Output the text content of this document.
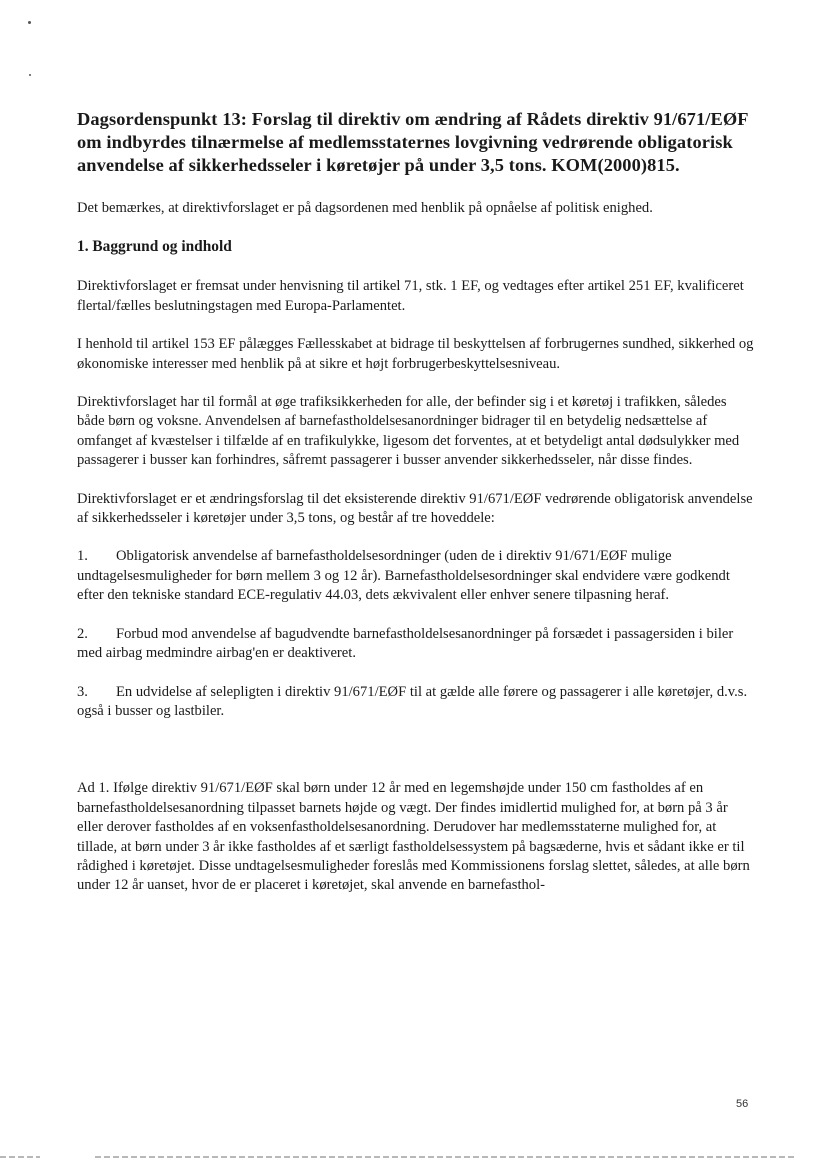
Dagsordenspunkt 13: Forslag til direktiv om ændring af Rådets direktiv 91/671/EØF om indbyrdes tilnærmelse af medlemsstaternes lovgivning vedrørende obligatorisk anvendelse af sikkerhedsseler i køretøjer på under 3,5 tons. KOM(2000)815.

Det bemærkes, at direktivforslaget er på dagsordenen med henblik på opnåelse af politisk enighed.

1. Baggrund og indhold

Direktivforslaget er fremsat under henvisning til artikel 71, stk. 1 EF, og vedtages efter artikel 251 EF, kvalificeret flertal/fælles beslutningstagen med Europa-Parlamentet.

I henhold til artikel 153 EF pålægges Fællesskabet at bidrage til beskyttelsen af forbrugernes sundhed, sikkerhed og økonomiske interesser med henblik på at sikre et højt forbrugerbeskyttelsesniveau.

Direktivforslaget har til formål at øge trafiksikkerheden for alle, der befinder sig i et køretøj i trafikken, således både børn og voksne. Anvendelsen af barnefastholdelsesanordninger bidrager til en betydelig nedsættelse af omfanget af kvæstelser i tilfælde af en trafikulykke, ligesom det forventes, at et betydeligt antal dødsulykker med passagerer i busser kan forhindres, såfremt passagerer i busser anvender sikkerhedsseler, når disse findes.

Direktivforslaget er et ændringsforslag til det eksisterende direktiv 91/671/EØF vedrørende obligatorisk anvendelse af sikkerhedsseler i køretøjer under 3,5 tons, og består af tre hoveddele:

1. Obligatorisk anvendelse af barnefastholdelsesordninger (uden de i direktiv 91/671/EØF mulige undtagelsesmuligheder for børn mellem 3 og 12 år). Barnefastholdelsesordninger skal endvidere være godkendt efter den tekniske standard ECE-regulativ 44.03, dets ækvivalent eller enhver senere tilpasning heraf.

2. Forbud mod anvendelse af bagudvendte barnefastholdelsesanordninger på forsædet i passagersiden i biler med airbag medmindre airbag'en er deaktiveret.

3. En udvidelse af selepligten i direktiv 91/671/EØF til at gælde alle førere og passagerer i alle køretøjer, d.v.s. også i busser og lastbiler.

Ad 1. Ifølge direktiv 91/671/EØF skal børn under 12 år med en legemshøjde under 150 cm fastholdes af en barnefastholdelsesanordning tilpasset barnets højde og vægt. Der findes imidlertid mulighed for, at børn på 3 år eller derover fastholdes af en voksenfastholdelsesanordning. Derudover har medlemsstaterne mulighed for, at tillade, at børn under 3 år ikke fastholdes af et særligt fastholdelsessystem på bagsæderne, hvis et sådant ikke er til rådighed i køretøjet. Disse undtagelsesmuligheder foreslås med Kommissionens forslag slettet, således, at alle børn under 12 år uanset, hvor de er placeret i køretøjet, skal anvende en barnefasthol-

56
